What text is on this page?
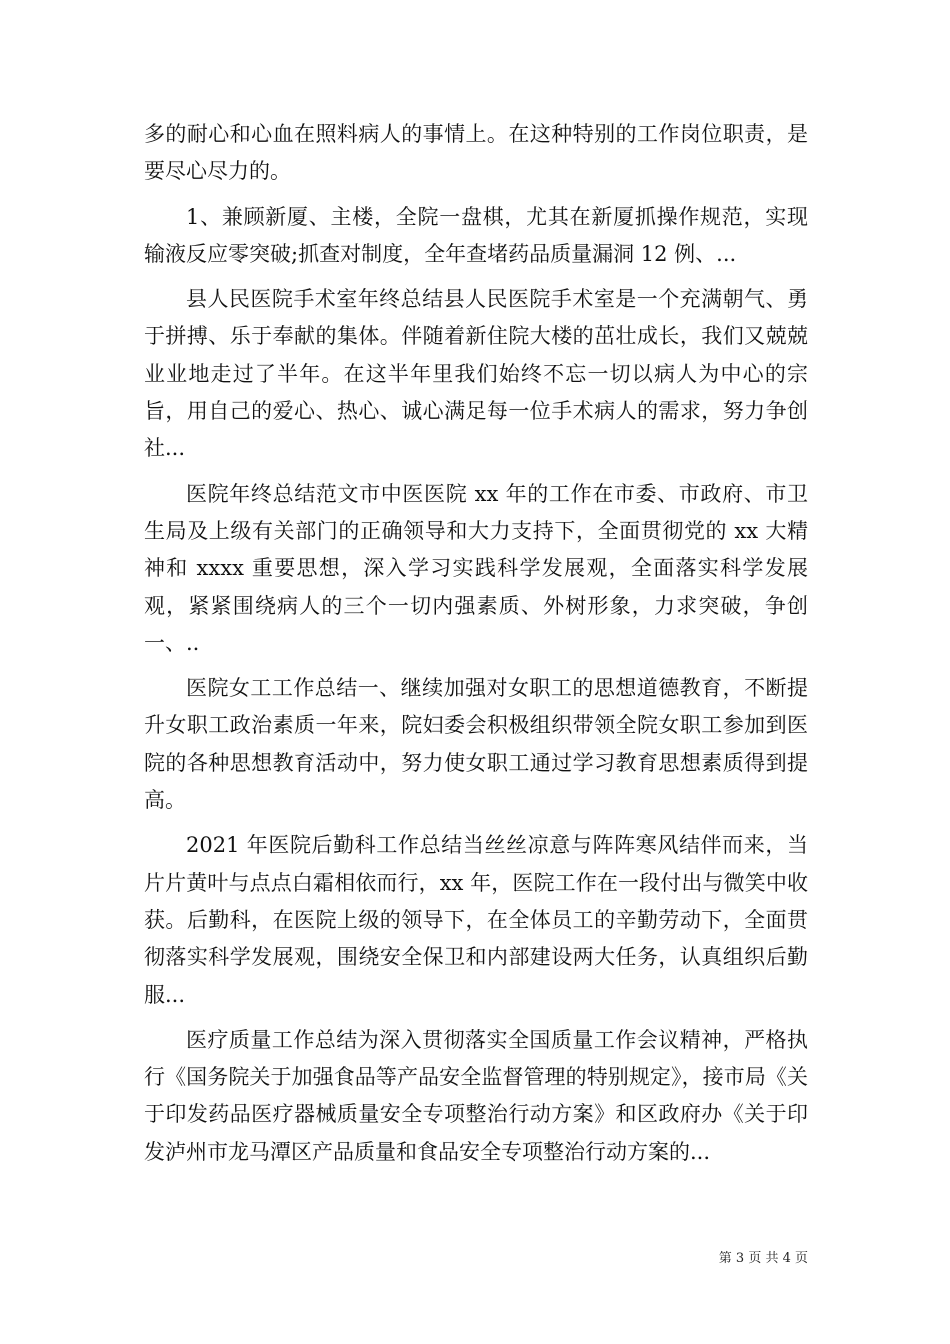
多的耐心和心血在照料病人的事情上。在这种特别的工作岗位职责，是要尽心尽力的。

1、兼顾新厦、主楼，全院一盘棋，尤其在新厦抓操作规范，实现输液反应零突破;抓查对制度，全年查堵药品质量漏洞 12 例、...

县人民医院手术室年终总结县人民医院手术室是一个充满朝气、勇于拼搏、乐于奉献的集体。伴随着新住院大楼的茁壮成长，我们又兢兢业业地走过了半年。在这半年里我们始终不忘一切以病人为中心的宗旨，用自己的爱心、热心、诚心满足每一位手术病人的需求，努力争创社...

医院年终总结范文市中医医院 xx 年的工作在市委、市政府、市卫生局及上级有关部门的正确领导和大力支持下，全面贯彻党的 xx 大精神和 xxxx 重要思想，深入学习实践科学发展观，全面落实科学发展观，紧紧围绕病人的三个一切内强素质、外树形象，力求突破，争创一、..

医院女工工作总结一、继续加强对女职工的思想道德教育，不断提升女职工政治素质一年来，院妇委会积极组织带领全院女职工参加到医院的各种思想教育活动中，努力使女职工通过学习教育思想素质得到提高。

2021 年医院后勤科工作总结当丝丝凉意与阵阵寒风结伴而来，当片片黄叶与点点白霜相依而行，xx 年，医院工作在一段付出与微笑中收获。后勤科，在医院上级的领导下，在全体员工的辛勤劳动下，全面贯彻落实科学发展观，围绕安全保卫和内部建设两大任务，认真组织后勤服...

医疗质量工作总结为深入贯彻落实全国质量工作会议精神，严格执行《国务院关于加强食品等产品安全监督管理的特别规定》，接市局《关于印发药品医疗器械质量安全专项整治行动方案》和区政府办《关于印发泸州市龙马潭区产品质量和食品安全专项整治行动方案的...

第 3 页 共 4 页
